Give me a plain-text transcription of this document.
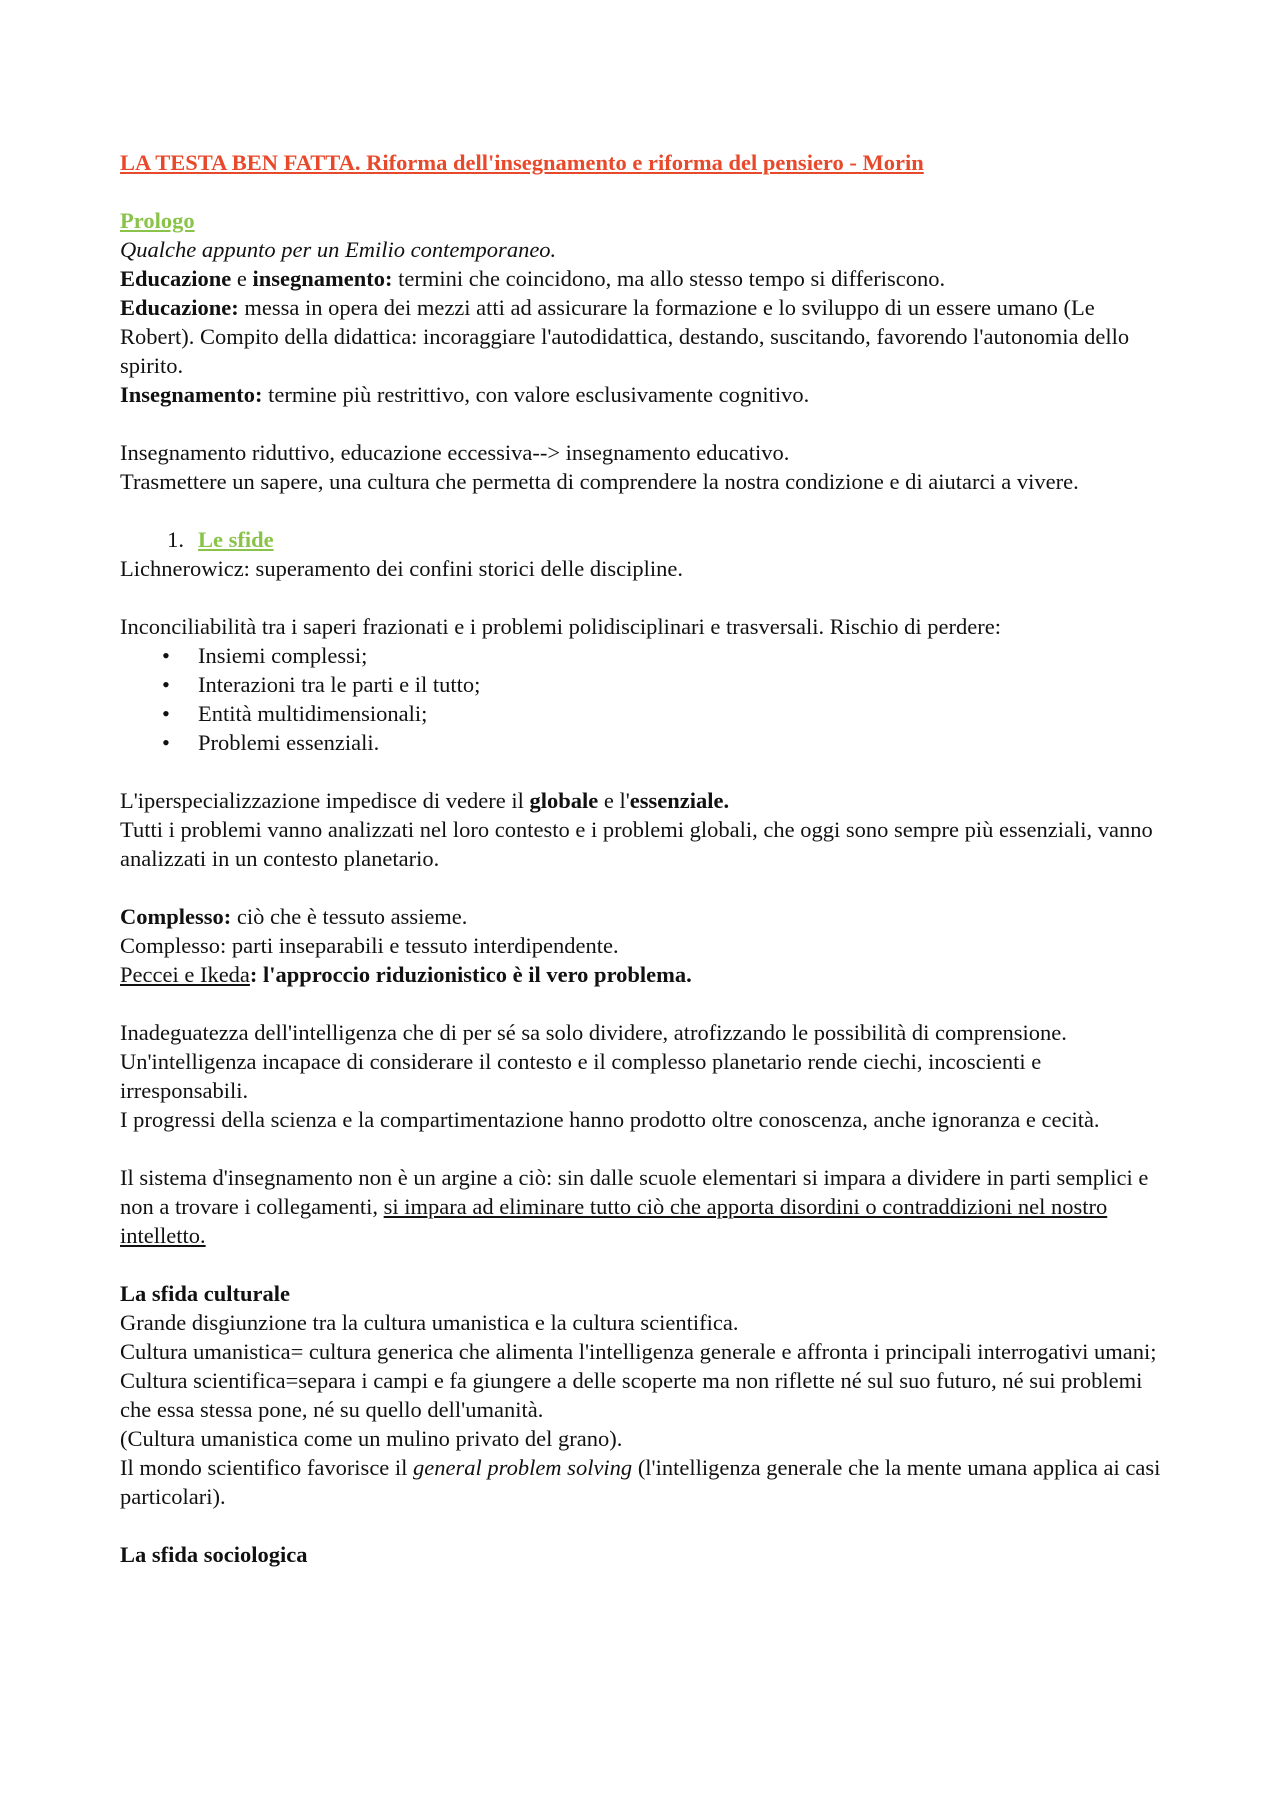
LA TESTA BEN FATTA. Riforma dell'insegnamento e riforma del pensiero - Morin

Prologo

Qualche appunto per un Emilio contemporaneo.

Educazione e insegnamento: termini che coincidono, ma allo stesso tempo si differiscono.

Educazione: messa in opera dei mezzi atti ad assicurare la formazione e lo sviluppo di un essere umano (Le Robert). Compito della didattica: incoraggiare l'autodidattica, destando, suscitando, favorendo l'autonomia dello spirito.

Insegnamento: termine più restrittivo, con valore esclusivamente cognitivo.

Insegnamento riduttivo, educazione eccessiva--> insegnamento educativo.

Trasmettere un sapere, una cultura che permetta di comprendere la nostra condizione e di aiutarci a vivere.

1. Le sfide

Lichnerowicz: superamento dei confini storici delle discipline.

Inconciliabilità tra i saperi frazionati e i problemi polidisciplinari e trasversali. Rischio di perdere:

•	Insiemi complessi;
•	Interazioni tra le parti e il tutto;
•	Entità multidimensionali;
•	Problemi essenziali.

L'iperspecializzazione impedisce di vedere il globale e l'essenziale.

Tutti i problemi vanno analizzati nel loro contesto e i problemi globali, che oggi sono sempre più essenziali, vanno analizzati in un contesto planetario.

Complesso: ciò che è tessuto assieme.

Complesso: parti inseparabili e tessuto interdipendente.

Peccei e Ikeda: l'approccio riduzionistico è il vero problema.

Inadeguatezza dell'intelligenza che di per sé sa solo dividere, atrofizzando le possibilità di comprensione.

Un'intelligenza incapace di considerare il contesto e il complesso planetario rende ciechi, incoscienti e irresponsabili.

I progressi della scienza e la compartimentazione hanno prodotto oltre conoscenza, anche ignoranza e cecità.

Il sistema d'insegnamento non è un argine a ciò: sin dalle scuole elementari si impara a dividere in parti semplici e non a trovare i collegamenti, si impara ad eliminare tutto ciò che apporta disordini o contraddizioni nel nostro intelletto.

La sfida culturale

Grande disgiunzione tra la cultura umanistica e la cultura scientifica.

Cultura umanistica= cultura generica che alimenta l'intelligenza generale e affronta i principali interrogativi umani;

Cultura scientifica=separa i campi e fa giungere a delle scoperte ma non riflette né sul suo futuro, né sui problemi che essa stessa pone, né su quello dell'umanità.

(Cultura umanistica come un mulino privato del grano).

Il mondo scientifico favorisce il general problem solving (l'intelligenza generale che la mente umana applica ai casi particolari).

La sfida sociologica
